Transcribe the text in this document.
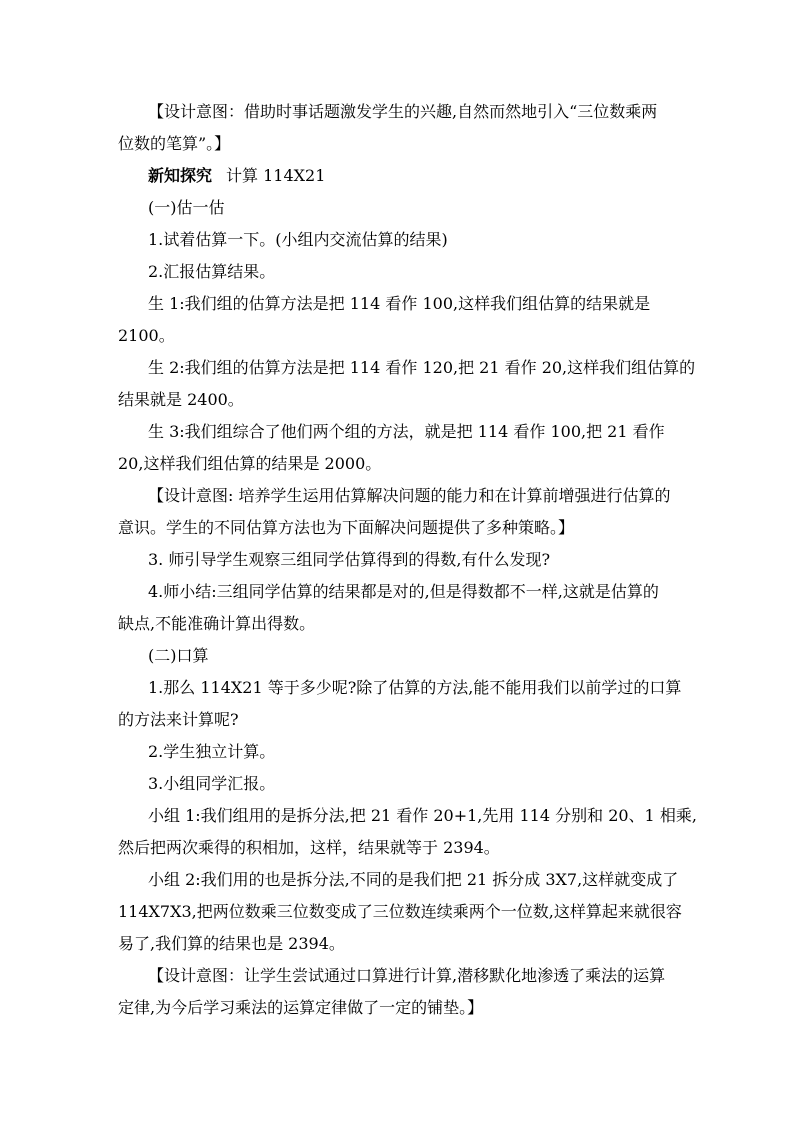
【设计意图：借助时事话题激发学生的兴趣,自然而然地引入“三位数乘两
位数的笔算”。】
新知探究 计算 114X21
(一)估一估
1.试着估算一下。(小组内交流估算的结果)
2.汇报估算结果。
生 1:我们组的估算方法是把 114 看作 100,这样我们组估算的结果就是
2100。
生 2:我们组的估算方法是把 114 看作 120,把 21 看作 20,这样我们组估算的
结果就是 2400。
生 3:我们组综合了他们两个组的方法，就是把 114 看作 100,把 21 看作
20,这样我们组估算的结果是 2000。
【设计意图: 培养学生运用估算解决问题的能力和在计算前增强进行估算的
意识。学生的不同估算方法也为下面解决问题提供了多种策略。】
3. 师引导学生观察三组同学估算得到的得数,有什么发现?
4.师小结:三组同学估算的结果都是对的,但是得数都不一样,这就是估算的
缺点,不能准确计算出得数。
(二)口算
1.那么 114X21 等于多少呢?除了估算的方法,能不能用我们以前学过的口算
的方法来计算呢?
2.学生独立计算。
3.小组同学汇报。
小组 1:我们组用的是拆分法,把 21 看作 20+1,先用 114 分别和 20、1 相乘,
然后把两次乘得的积相加，这样，结果就等于 2394。
小组 2:我们用的也是拆分法,不同的是我们把 21 拆分成 3X7,这样就变成了
114X7X3,把两位数乘三位数变成了三位数连续乘两个一位数,这样算起来就很容
易了,我们算的结果也是 2394。
【设计意图：让学生尝试通过口算进行计算,潜移默化地渗透了乘法的运算
定律,为今后学习乘法的运算定律做了一定的铺垫。】
